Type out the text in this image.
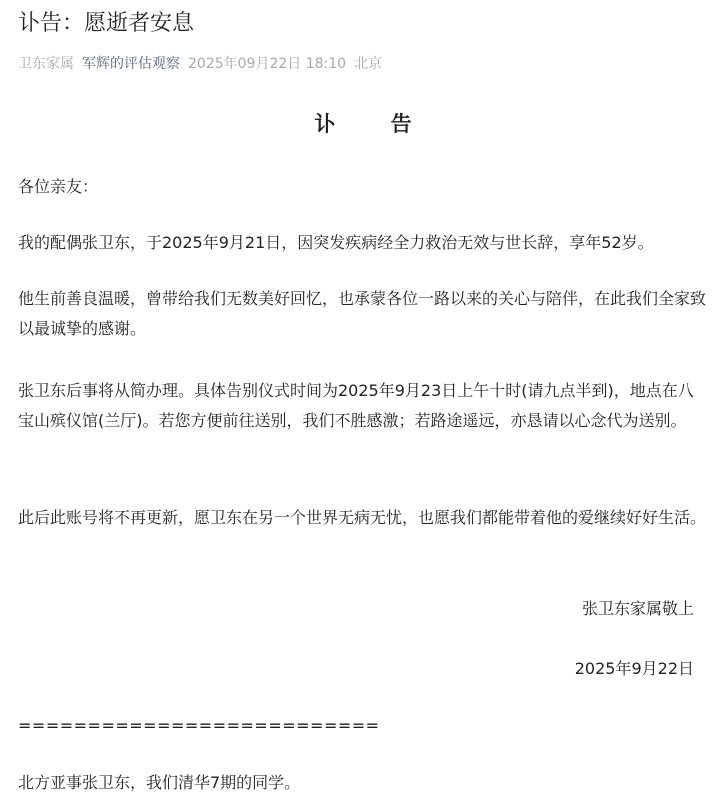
讣告：愿逝者安息
卫东家属 军辉的评估观察 2025年09月22日 18:10 北京
讣 告

各位亲友：

我的配偶张卫东，于2025年9月21日，因突发疾病经全力救治无效与世长辞，享年52岁。

他生前善良温暖，曾带给我们无数美好回忆，也承蒙各位一路以来的关心与陪伴，在此我们全家致以最诚挚的感谢。

张卫东后事将从简办理。具体告别仪式时间为2025年9月23日上午十时(请九点半到)，地点在八宝山殡仪馆(兰厅)。若您方便前往送别，我们不胜感激；若路途遥远，亦恳请以心念代为送别。

此后此账号将不再更新，愿卫东在另一个世界无病无忧，也愿我们都能带着他的爱继续好好生活。

张卫东家属敬上
2025年9月22日
==========================

北方亚事张卫东，我们清华7期的同学。
